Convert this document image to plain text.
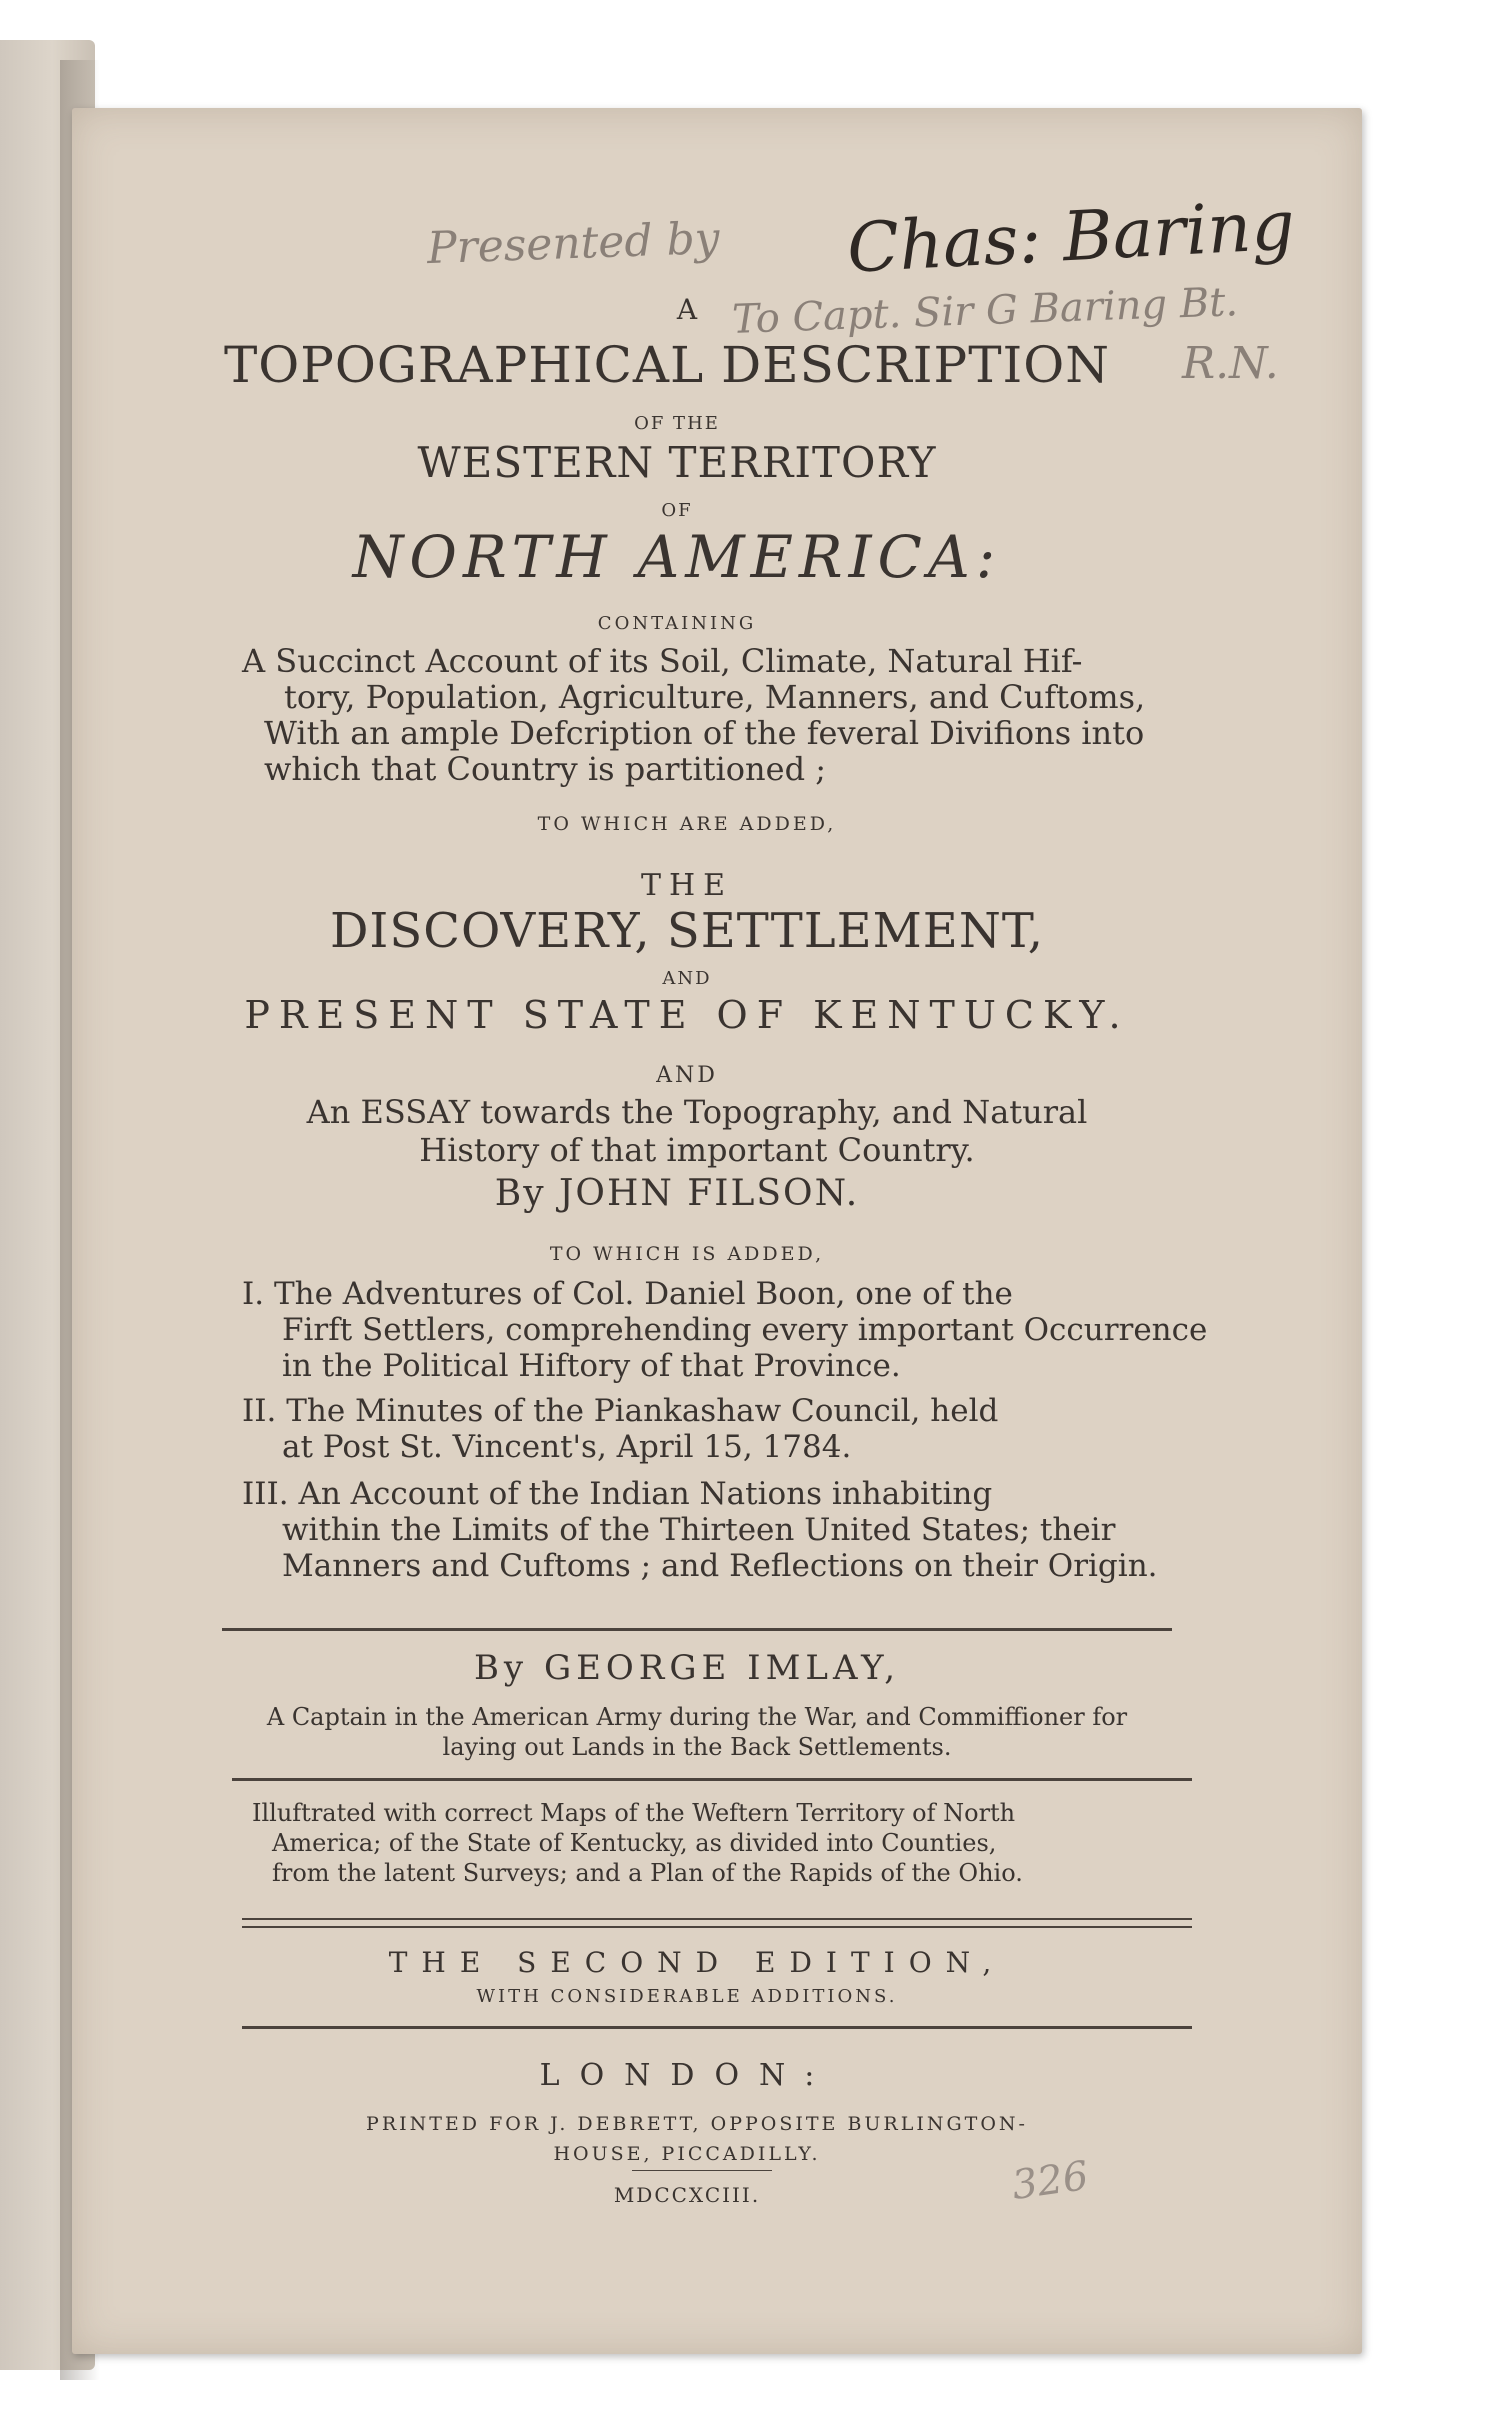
Presented by Chas: Baring
To Capt. Sir G Baring Bt.
R.N.
326
A
TOPOGRAPHICAL DESCRIPTION
OF THE
WESTERN TERRITORY
OF
NORTH AMERICA:
CONTAINING
A Succinct Account of its Soil, Climate, Natural Hif-
tory, Population, Agriculture, Manners, and Cuftoms,
With an ample Defcription of the feveral Divifions into
which that Country is partitioned ;
TO WHICH ARE ADDED,
THE
DISCOVERY, SETTLEMENT,
AND
PRESENT STATE OF KENTUCKY.
AND
An ESSAY towards the Topography, and Natural
History of that important Country.
By JOHN FILSON.
TO WHICH IS ADDED,
I. The Adventures of Col. Daniel Boon, one of the
Firft Settlers, comprehending every important Occurrence
in the Political Hiftory of that Province.
II. The Minutes of the Piankashaw Council, held
at Post St. Vincent's, April 15, 1784.
III. An Account of the Indian Nations inhabiting
within the Limits of the Thirteen United States; their
Manners and Cuftoms ; and Reflections on their Origin.
By GEORGE IMLAY,
A Captain in the American Army during the War, and Commiffioner for
laying out Lands in the Back Settlements.
Illuftrated with correct Maps of the Weftern Territory of North
America; of the State of Kentucky, as divided into Counties,
from the latent Surveys; and a Plan of the Rapids of the Ohio.
THE SECOND EDITION,
WITH CONSIDERABLE ADDITIONS.
LONDON:
PRINTED FOR J. DEBRETT, OPPOSITE BURLINGTON-
HOUSE, PICCADILLY.
MDCCXCIII.
